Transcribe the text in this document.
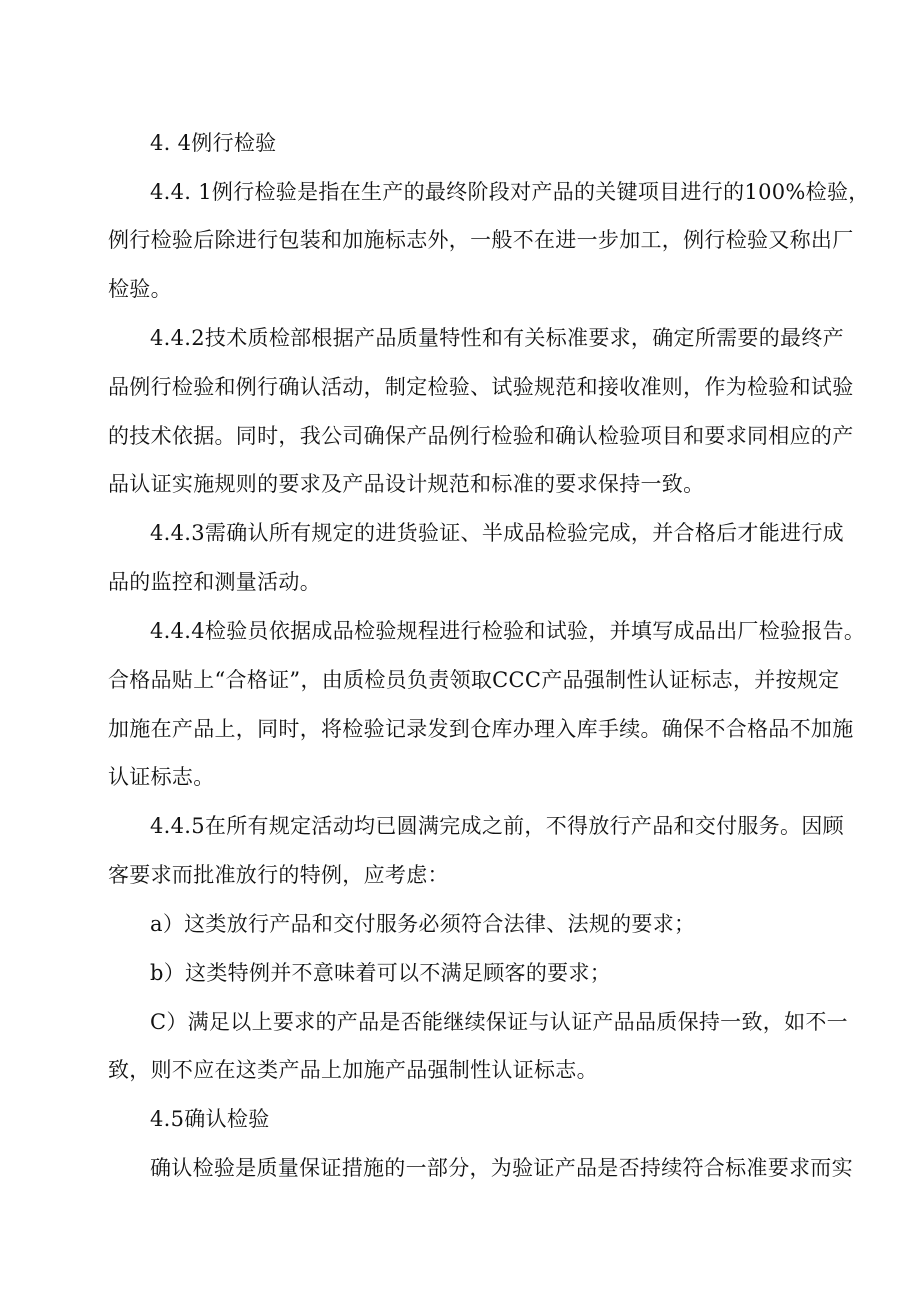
4. 4例行检验
4.4. 1例行检验是指在生产的最终阶段对产品的关键项目进行的100%检验，
例行检验后除进行包装和加施标志外，一般不在进一步加工，例行检验又称出厂
检验。
4.4.2技术质检部根据产品质量特性和有关标准要求，确定所需要的最终产
品例行检验和例行确认活动，制定检验、试验规范和接收准则，作为检验和试验
的技术依据。同时，我公司确保产品例行检验和确认检验项目和要求同相应的产
品认证实施规则的要求及产品设计规范和标准的要求保持一致。
4.4.3需确认所有规定的进货验证、半成品检验完成，并合格后才能进行成
品的监控和测量活动。
4.4.4检验员依据成品检验规程进行检验和试验，并填写成品出厂检验报告。
合格品贴上“合格证”，由质检员负责领取CCC产品强制性认证标志，并按规定
加施在产品上，同时，将检验记录发到仓库办理入库手续。确保不合格品不加施
认证标志。
4.4.5在所有规定活动均已圆满完成之前，不得放行产品和交付服务。因顾
客要求而批准放行的特例，应考虑：
a）这类放行产品和交付服务必须符合法律、法规的要求；
b）这类特例并不意味着可以不满足顾客的要求；
C）满足以上要求的产品是否能继续保证与认证产品品质保持一致，如不一
致，则不应在这类产品上加施产品强制性认证标志。
4.5确认检验
确认检验是质量保证措施的一部分，为验证产品是否持续符合标准要求而实
